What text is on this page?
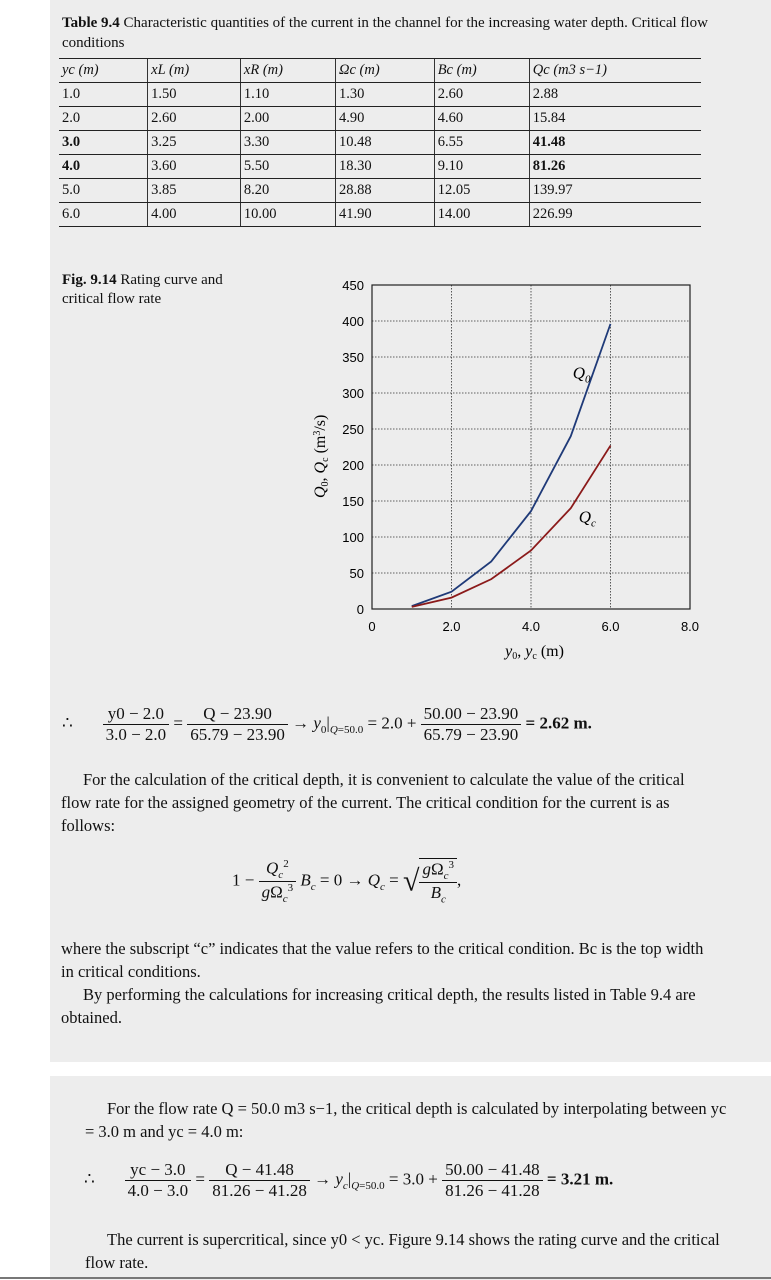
Table 9.4 Characteristic quantities of the current in the channel for the increasing water depth. Critical flow conditions
yc (m)	xL (m)	xR (m)	Ωc (m)	Bc (m)	Qc (m3 s−1)
1.0	1.50	1.10	1.30	2.60	2.88
2.0	2.60	2.00	4.90	4.60	15.84
3.0	3.25	3.30	10.48	6.55	41.48
4.0	3.60	5.50	18.30	9.10	81.26
5.0	3.85	8.20	28.88	12.05	139.97
6.0	4.00	10.00	41.90	14.00	226.99
Fig. 9.14 Rating curve and critical flow rate
0
50
100
150
200
250
300
350
400
450
0	2.0	4.0	6.0	8.0
$Q_0$
$Q_c$
y0, yc (m)
Q0, Qc $(m^3/s)$
∴ $\frac{y0 - 2.0}{3.0 - 2.0} = \frac{Q - 23.90}{65.79 - 23.90} \to y_0|_{Q=50.0} = 2.0 + \frac{50.00 - 23.90}{65.79 - 23.90} = 2.62$ m.
For the calculation of the critical depth, it is convenient to calculate the value of the critical flow rate for the assigned geometry of the current. The critical condition for the current is as follows:
$1 - \frac{Q_c^2}{g\Omega_c^3} B_c = 0 \to Q_c$ = √ $\frac{g\Omega_c^3}{B_c}$ ,
where the subscript “c” indicates that the value refers to the critical condition. Bc is the top width in critical conditions.
By performing the calculations for increasing critical depth, the results listed in Table 9.4 are obtained.
For the flow rate Q = 50.0 m3 s−1, the critical depth is calculated by interpolating between yc = 3.0 m and yc = 4.0 m:
∴ $\frac{yc - 3.0}{4.0 - 3.0} = \frac{Q - 41.48}{81.26 - 41.28} \to y_c|_{Q=50.0} = 3.0 + \frac{50.00 - 41.48}{81.26 - 41.28} = 3.21$ m.
The current is supercritical, since y0 < yc. Figure 9.14 shows the rating curve and the critical flow rate.
